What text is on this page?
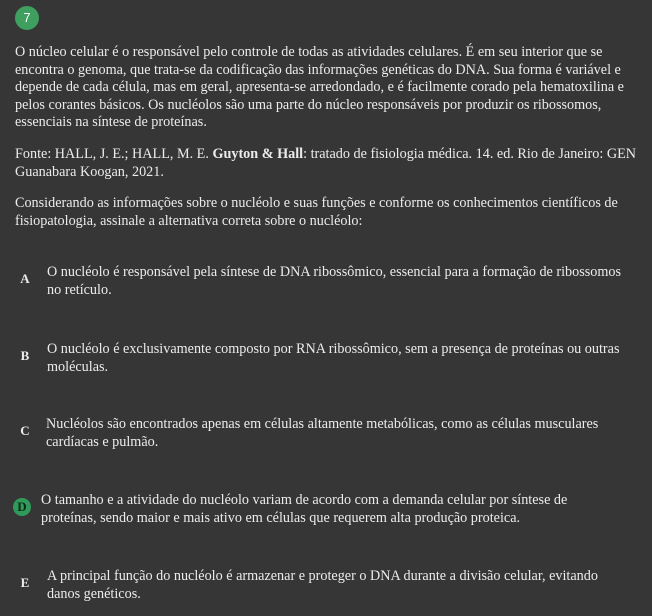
7

O núcleo celular é o responsável pelo controle de todas as atividades celulares. É em seu interior que se encontra o genoma, que trata-se da codificação das informações genéticas do DNA. Sua forma é variável e depende de cada célula, mas em geral, apresenta-se arredondado, e é facilmente corado pela hematoxilina e pelos corantes básicos. Os nucléolos são uma parte do núcleo responsáveis por produzir os ribossomos, essenciais na síntese de proteínas.

Fonte: HALL, J. E.; HALL, M. E. Guyton & Hall: tratado de fisiologia médica. 14. ed. Rio de Janeiro: GEN Guanabara Koogan, 2021.

Considerando as informações sobre o nucléolo e suas funções e conforme os conhecimentos científicos de fisiopatologia, assinale a alternativa correta sobre o nucléolo:

A	O nucléolo é responsável pela síntese de DNA ribossômico, essencial para a formação de ribossomos no retículo.
B	O nucléolo é exclusivamente composto por RNA ribossômico, sem a presença de proteínas ou outras moléculas.
C	Nucléolos são encontrados apenas em células altamente metabólicas, como as células musculares cardíacas e pulmão.
D	O tamanho e a atividade do nucléolo variam de acordo com a demanda celular por síntese de proteínas, sendo maior e mais ativo em células que requerem alta produção proteica.
E	A principal função do nucléolo é armazenar e proteger o DNA durante a divisão celular, evitando danos genéticos.
